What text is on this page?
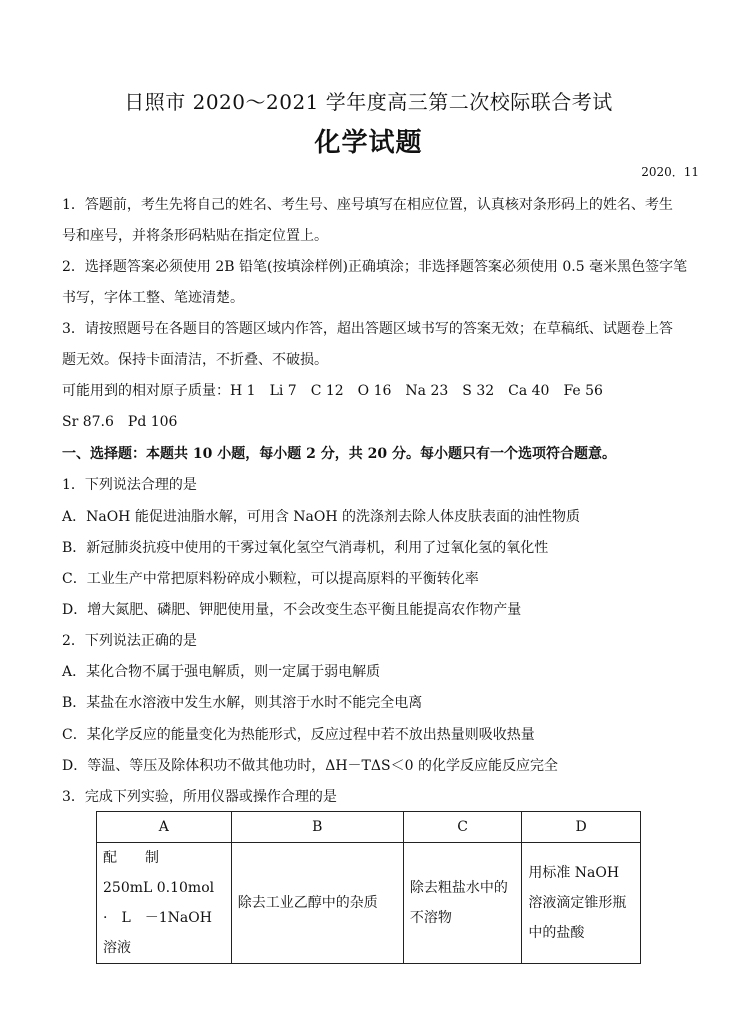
日照市 2020～2021 学年度高三第二次校际联合考试
化学试题
2020．11
1．答题前，考生先将自己的姓名、考生号、座号填写在相应位置，认真核对条形码上的姓名、考生
号和座号，并将条形码粘贴在指定位置上。
2．选择题答案必须使用 2B 铅笔(按填涂样例)正确填涂；非选择题答案必须使用 0.5 毫米黑色签字笔
书写，字体工整、笔迹清楚。
3．请按照题号在各题目的答题区域内作答，超出答题区域书写的答案无效；在草稿纸、试题卷上答
题无效。保持卡面清洁，不折叠、不破损。
可能用到的相对原子质量：H 1　Li 7　C 12　O 16　Na 23　S 32　Ca 40　Fe 56
Sr 87.6　Pd 106
一、选择题：本题共 10 小题，每小题 2 分，共 20 分。每小题只有一个选项符合题意。
1．下列说法合理的是
A．NaOH 能促进油脂水解，可用含 NaOH 的洗涤剂去除人体皮肤表面的油性物质
B．新冠肺炎抗疫中使用的干雾过氧化氢空气消毒机，利用了过氧化氢的氧化性
C．工业生产中常把原料粉碎成小颗粒，可以提高原料的平衡转化率
D．增大氮肥、磷肥、钾肥使用量，不会改变生态平衡且能提高农作物产量
2．下列说法正确的是
A．某化合物不属于强电解质，则一定属于弱电解质
B．某盐在水溶液中发生水解，则其溶于水时不能完全电离
C．某化学反应的能量变化为热能形式，反应过程中若不放出热量则吸收热量
D．等温、等压及除体积功不做其他功时，ΔH－TΔS＜0 的化学反应能反应完全
3．完成下列实验，所用仪器或操作合理的是
A	B	C	D
配　　制　　250mL 0.10mol　·　L　－1NaOH 溶液	除去工业乙醇中的杂质	除去粗盐水中的不溶物	用标准 NaOH 溶液滴定锥形瓶中的盐酸
